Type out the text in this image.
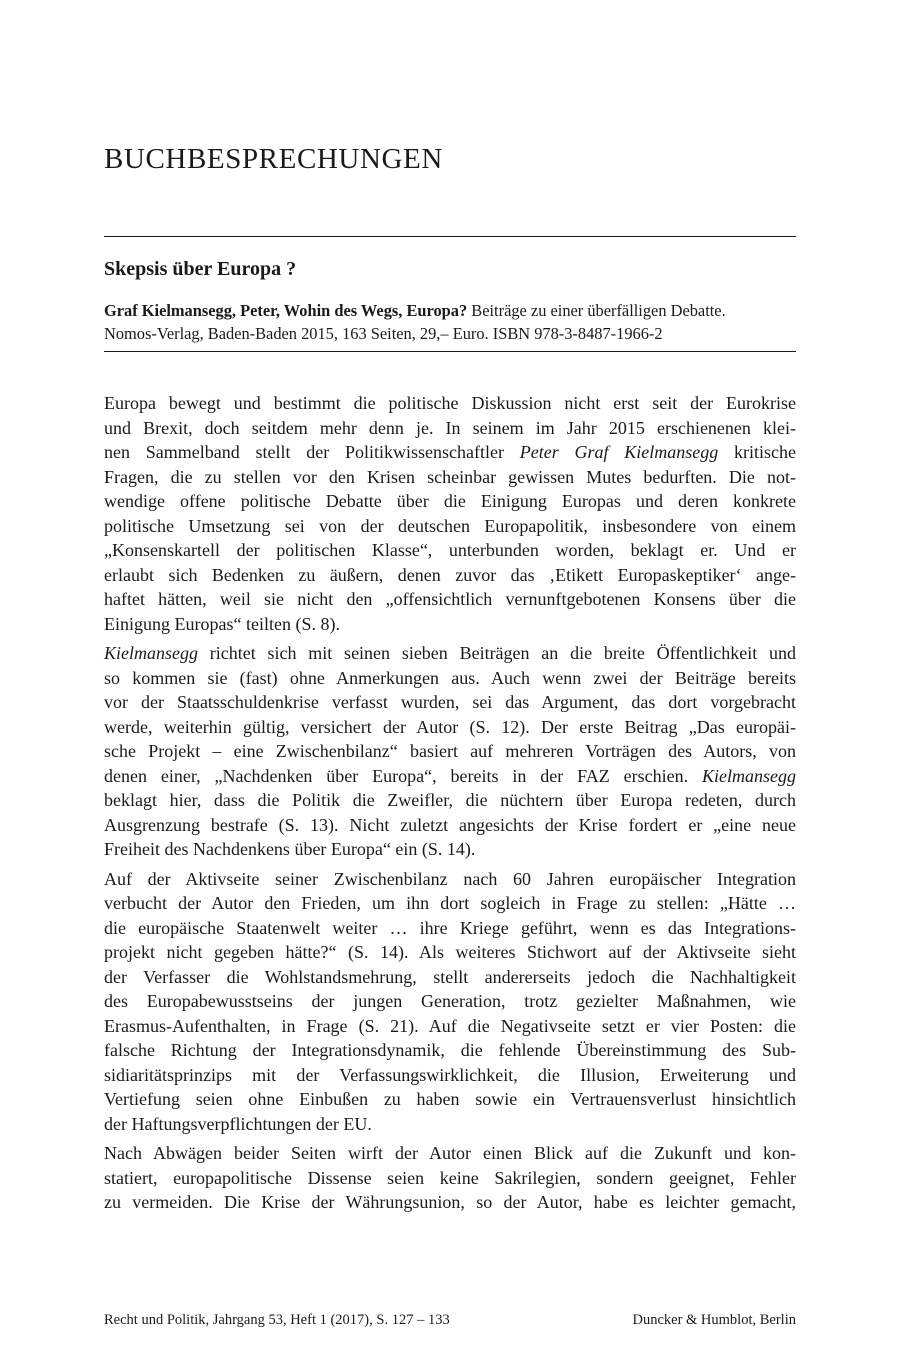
BUCHBESPRECHUNGEN
Skepsis über Europa ?

Graf Kielmansegg, Peter, Wohin des Wegs, Europa? Beiträge zu einer überfälligen Debatte.
Nomos-Verlag, Baden-Baden 2015, 163 Seiten, 29,– Euro. ISBN 978-3-8487-1966-2

Europa bewegt und bestimmt die politische Diskussion nicht erst seit der Eurokrise
und Brexit, doch seitdem mehr denn je. In seinem im Jahr 2015 erschienenen klei-
nen Sammelband stellt der Politikwissenschaftler Peter Graf Kielmansegg kritische
Fragen, die zu stellen vor den Krisen scheinbar gewissen Mutes bedurften. Die not-
wendige offene politische Debatte über die Einigung Europas und deren konkrete
politische Umsetzung sei von der deutschen Europapolitik, insbesondere von einem
„Konsenskartell der politischen Klasse“, unterbunden worden, beklagt er. Und er
erlaubt sich Bedenken zu äußern, denen zuvor das ‚Etikett Europaskeptiker‘ ange-
haftet hätten, weil sie nicht den „offensichtlich vernunftgebotenen Konsens über die
Einigung Europas“ teilten (S. 8).

Kielmansegg richtet sich mit seinen sieben Beiträgen an die breite Öffentlichkeit und
so kommen sie (fast) ohne Anmerkungen aus. Auch wenn zwei der Beiträge bereits
vor der Staatsschuldenkrise verfasst wurden, sei das Argument, das dort vorgebracht
werde, weiterhin gültig, versichert der Autor (S. 12). Der erste Beitrag „Das europäi-
sche Projekt – eine Zwischenbilanz“ basiert auf mehreren Vorträgen des Autors, von
denen einer, „Nachdenken über Europa“, bereits in der FAZ erschien. Kielmansegg
beklagt hier, dass die Politik die Zweifler, die nüchtern über Europa redeten, durch
Ausgrenzung bestrafe (S. 13). Nicht zuletzt angesichts der Krise fordert er „eine neue
Freiheit des Nachdenkens über Europa“ ein (S. 14).

Auf der Aktivseite seiner Zwischenbilanz nach 60 Jahren europäischer Integration
verbucht der Autor den Frieden, um ihn dort sogleich in Frage zu stellen: „Hätte …
die europäische Staatenwelt weiter … ihre Kriege geführt, wenn es das Integrations-
projekt nicht gegeben hätte?“ (S. 14). Als weiteres Stichwort auf der Aktivseite sieht
der Verfasser die Wohlstandsmehrung, stellt andererseits jedoch die Nachhaltigkeit
des Europabewusstseins der jungen Generation, trotz gezielter Maßnahmen, wie
Erasmus-Aufenthalten, in Frage (S. 21). Auf die Negativseite setzt er vier Posten: die
falsche Richtung der Integrationsdynamik, die fehlende Übereinstimmung des Sub-
sidiaritätsprinzips mit der Verfassungswirklichkeit, die Illusion, Erweiterung und
Vertiefung seien ohne Einbußen zu haben sowie ein Vertrauensverlust hinsichtlich
der Haftungsverpflichtungen der EU.

Nach Abwägen beider Seiten wirft der Autor einen Blick auf die Zukunft und kon-
statiert, europapolitische Dissense seien keine Sakrilegien, sondern geeignet, Fehler
zu vermeiden. Die Krise der Währungsunion, so der Autor, habe es leichter gemacht,

Recht und Politik, Jahrgang 53, Heft 1 (2017), S. 127 – 133	Duncker & Humblot, Berlin
